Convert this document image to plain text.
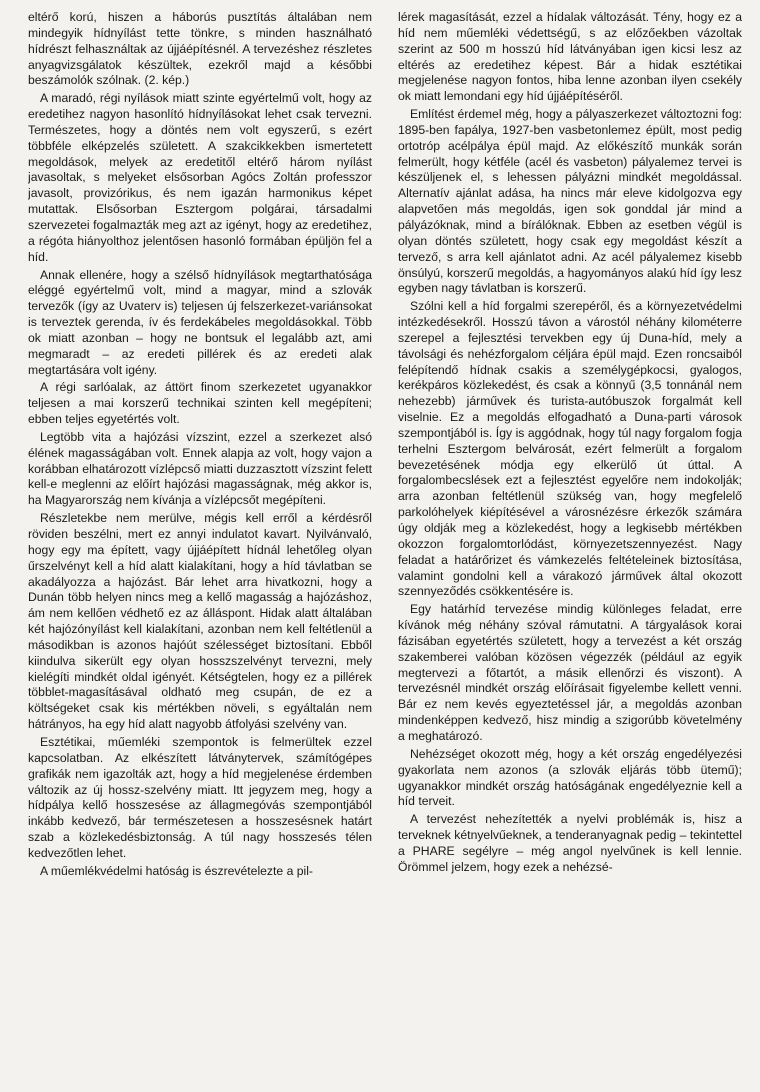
eltérő korú, hiszen a háborús pusztítás általában nem mindegyik hídnyílást tette tönkre, s minden használható hídrészt felhasználtak az újjáépítésnél. A tervezéshez részletes anyagvizsgálatok készültek, ezekről majd a későbbi beszámolók szólnak. (2. kép.)

A maradó, régi nyílások miatt szinte egyértelmű volt, hogy az eredetihez nagyon hasonlító hídnyílásokat lehet csak tervezni. Természetes, hogy a döntés nem volt egyszerű, s ezért többféle elképzelés született. A szakcikkekben ismertetett megoldások, melyek az eredetitől eltérő három nyílást javasoltak, s melyeket elsősorban Agócs Zoltán professzor javasolt, provizórikus, és nem igazán harmonikus képet mutattak. Elsősorban Esztergom polgárai, társadalmi szervezetei fogalmazták meg azt az igényt, hogy az eredetihez, a régóta hiányolthoz jelentősen hasonló formában épüljön fel a híd.

Annak ellenére, hogy a szélső hídnyílások megtarthatósága eléggé egyértelmű volt, mind a magyar, mind a szlovák tervezők (így az Uvaterv is) teljesen új felszerkezet-variánsokat is terveztek gerenda, ív és ferdekábeles megoldásokkal. Több ok miatt azonban – hogy ne bontsuk el legalább azt, ami megmaradt – az eredeti pillérek és az eredeti alak megtartására volt igény.

A régi sarlóalak, az áttört finom szerkezetet ugyanakkor teljesen a mai korszerű technikai szinten kell megépíteni; ebben teljes egyetértés volt.

Legtöbb vita a hajózási vízszint, ezzel a szerkezet alsó élének magasságában volt. Ennek alapja az volt, hogy vajon a korábban elhatározott vízlépcső miatti duzzasztott vízszint felett kell-e meglenni az előírt hajózási magasságnak, még akkor is, ha Magyarország nem kívánja a vízlépcsőt megépíteni.

Részletekbe nem merülve, mégis kell erről a kérdésről röviden beszélni, mert ez annyi indulatot kavart. Nyilvánvaló, hogy egy ma épített, vagy újjáépített hídnál lehetőleg olyan űrszelvényt kell a híd alatt kialakítani, hogy a híd távlatban se akadályozza a hajózást. Bár lehet arra hivatkozni, hogy a Dunán több helyen nincs meg a kellő magasság a hajózáshoz, ám nem kellően védhető ez az álláspont. Hidak alatt általában két hajózónyílást kell kialakítani, azonban nem kell feltétlenül a másodikban is azonos hajóút szélességet biztosítani. Ebből kiindulva sikerült egy olyan hosszszelvényt tervezni, mely kielégíti mindkét oldal igényét. Kétségtelen, hogy ez a pillérek többlet-magasításával oldható meg csupán, de ez a költségeket csak kis mértékben növeli, s egyáltalán nem hátrányos, ha egy híd alatt nagyobb átfolyási szelvény van.

Esztétikai, műemléki szempontok is felmerültek ezzel kapcsolatban. Az elkészített látványtervek, számítógépes grafikák nem igazolták azt, hogy a híd megjelenése érdemben változik az új hossz-szelvény miatt. Itt jegyzem meg, hogy a hídpálya kellő hosszesése az állagmegóvás szempontjából inkább kedvező, bár természetesen a hosszesésnek határt szab a közlekedésbiztonság. A túl nagy hosszesés télen kedvezőtlen lehet.

A műemlékvédelmi hatóság is észrevételezte a pil-

lérek magasítását, ezzel a hídalak változását. Tény, hogy ez a híd nem műemléki védettségű, s az előzőekben vázoltak szerint az 500 m hosszú híd látványában igen kicsi lesz az eltérés az eredetihez képest. Bár a hidak esztétikai megjelenése nagyon fontos, hiba lenne azonban ilyen csekély ok miatt lemondani egy híd újjáépítéséről.

Említést érdemel még, hogy a pályaszerkezet változtozni fog: 1895-ben fapálya, 1927-ben vasbetonlemez épült, most pedig ortotróp acélpálya épül majd. Az előkészítő munkák során felmerült, hogy kétféle (acél és vasbeton) pályalemez tervei is készüljenek el, s lehessen pályázni mindkét megoldással. Alternatív ajánlat adása, ha nincs már eleve kidolgozva egy alapvetően más megoldás, igen sok gonddal jár mind a pályázóknak, mind a bírálóknak. Ebben az esetben végül is olyan döntés született, hogy csak egy megoldást készít a tervező, s arra kell ajánlatot adni. Az acél pályalemez kisebb önsúlyú, korszerű megoldás, a hagyományos alakú híd így lesz egyben nagy távlatban is korszerű.

Szólni kell a híd forgalmi szerepéről, és a környezetvédelmi intézkedésekről. Hosszú távon a várostól néhány kilométerre szerepel a fejlesztési tervekben egy új Duna-híd, mely a távolsági és nehézforgalom céljára épül majd. Ezen roncsaiból felépítendő hídnak csakis a személygépkocsi, gyalogos, kerékpáros közlekedést, és csak a könnyű (3,5 tonnánál nem nehezebb) járművek és turista-autóbuszok forgalmát kell viselnie. Ez a megoldás elfogadható a Duna-parti városok szempontjából is. Így is aggódnak, hogy túl nagy forgalom fogja terhelni Esztergom belvárosát, ezért felmerült a forgalom bevezetésének módja egy elkerülő út úttal. A forgalombecslések ezt a fejlesztést egyelőre nem indokolják; arra azonban feltétlenül szükség van, hogy megfelelő parkolóhelyek kiépítésével a városnézésre érkezők számára úgy oldják meg a közlekedést, hogy a legkisebb mértékben okozzon forgalomtorlódást, környezetszennyezést. Nagy feladat a határőrizet és vámkezelés feltételeinek biztosítása, valamint gondolni kell a várakozó járművek által okozott szennyeződés csökkentésére is.

Egy határhíd tervezése mindig különleges feladat, erre kívánok még néhány szóval rámutatni. A tárgyalások korai fázisában egyetértés született, hogy a tervezést a két ország szakemberei valóban közösen végezzék (például az egyik megtervezi a főtartót, a másik ellenőrzi és viszont). A tervezésnél mindkét ország előírásait figyelembe kellett venni. Bár ez nem kevés egyeztetéssel jár, a megoldás azonban mindenképpen kedvező, hisz mindig a szigorúbb követelmény a meghatározó.

Nehézséget okozott még, hogy a két ország engedélyezési gyakorlata nem azonos (a szlovák eljárás több ütemű); ugyanakkor mindkét ország hatóságának engedélyeznie kell a híd terveit.

A tervezést nehezítették a nyelvi problémák is, hisz a terveknek kétnyelvűeknek, a tenderanyagnak pedig – tekintettel a PHARE segélyre – még angol nyelvűnek is kell lennie. Örömmel jelzem, hogy ezek a nehézsé-
